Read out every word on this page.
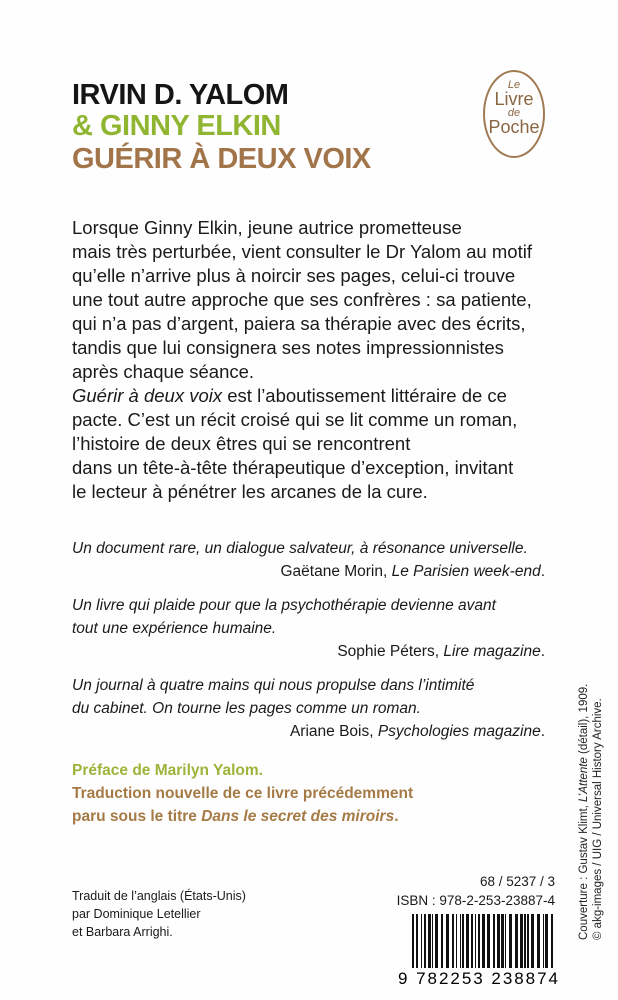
IRVIN D. YALOM
& GINNY ELKIN
GUÉRIR À DEUX VOIX
Le
Livre
de
Poche
Lorsque Ginny Elkin, jeune autrice prometteuse
mais très perturbée, vient consulter le Dr Yalom au motif
qu’elle n’arrive plus à noircir ses pages, celui-ci trouve
une tout autre approche que ses confrères : sa patiente,
qui n’a pas d’argent, paiera sa thérapie avec des écrits,
tandis que lui consignera ses notes impressionnistes
après chaque séance.
Guérir à deux voix est l’aboutissement littéraire de ce
pacte. C’est un récit croisé qui se lit comme un roman,
l’histoire de deux êtres qui se rencontrent
dans un tête-à-tête thérapeutique d’exception, invitant
le lecteur à pénétrer les arcanes de la cure.
Un document rare, un dialogue salvateur, à résonance universelle.
Gaëtane Morin, Le Parisien week-end.
Un livre qui plaide pour que la psychothérapie devienne avant
tout une expérience humaine.
Sophie Péters, Lire magazine.
Un journal à quatre mains qui nous propulse dans l’intimité
du cabinet. On tourne les pages comme un roman.
Ariane Bois, Psychologies magazine.
Préface de Marilyn Yalom.
Traduction nouvelle de ce livre précédemment
paru sous le titre Dans le secret des miroirs.
Traduit de l’anglais (États-Unis)
par Dominique Letellier
et Barbara Arrighi.
68 / 5237 / 3
ISBN : 978-2-253-23887-4
9 782253 238874
Couverture : Gustav Klimt, L’Attente (détail), 1909. © akg-images / UIG / Universal History Archive.
